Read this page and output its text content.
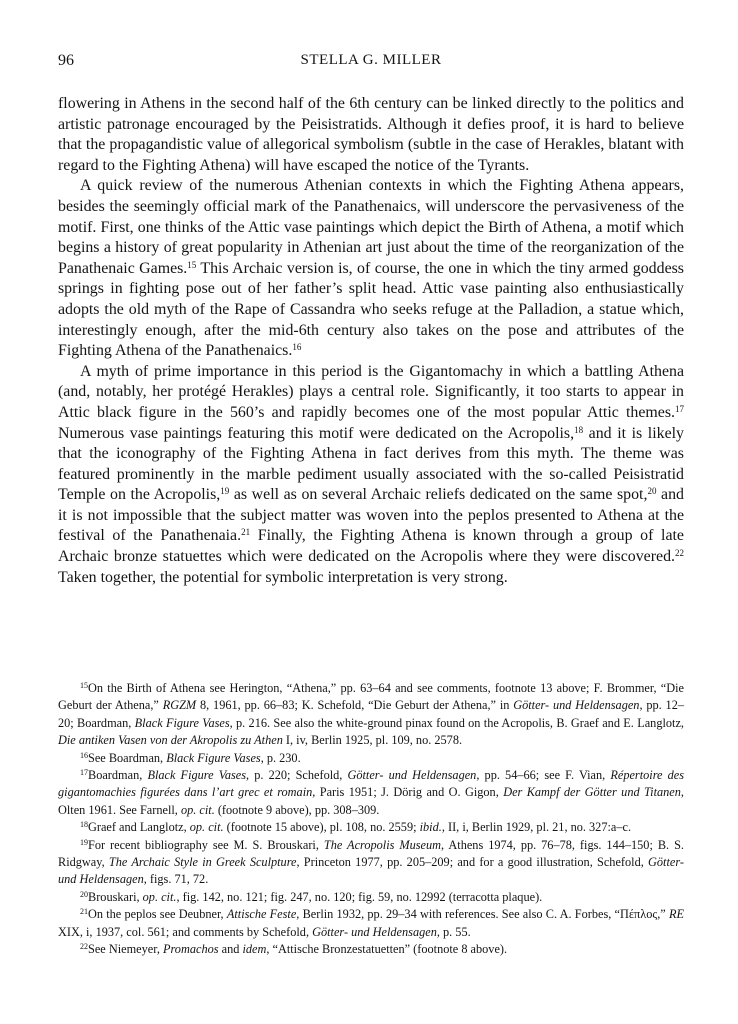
96	STELLA G. MILLER

flowering in Athens in the second half of the 6th century can be linked directly to the politics and artistic patronage encouraged by the Peisistratids. Although it defies proof, it is hard to believe that the propagandistic value of allegorical symbolism (subtle in the case of Herakles, blatant with regard to the Fighting Athena) will have escaped the notice of the Tyrants.

A quick review of the numerous Athenian contexts in which the Fighting Athena appears, besides the seemingly official mark of the Panathenaics, will underscore the pervasiveness of the motif. First, one thinks of the Attic vase paintings which depict the Birth of Athena, a motif which begins a history of great popularity in Athenian art just about the time of the reorganization of the Panathenaic Games.$^{15}$ This Archaic version is, of course, the one in which the tiny armed goddess springs in fighting pose out of her father’s split head. Attic vase painting also enthusiastically adopts the old myth of the Rape of Cassandra who seeks refuge at the Palladion, a statue which, interestingly enough, after the mid-6th century also takes on the pose and attributes of the Fighting Athena of the Panathenaics.$^{16}$

A myth of prime importance in this period is the Gigantomachy in which a battling Athena (and, notably, her protégé Herakles) plays a central role. Significantly, it too starts to appear in Attic black figure in the 560’s and rapidly becomes one of the most popular Attic themes.$^{17}$ Numerous vase paintings featuring this motif were dedicated on the Acropolis,$^{18}$ and it is likely that the iconography of the Fighting Athena in fact derives from this myth. The theme was featured prominently in the marble pediment usually associated with the so-called Peisistratid Temple on the Acropolis,$^{19}$ as well as on several Archaic reliefs dedicated on the same spot,$^{20}$ and it is not impossible that the subject matter was woven into the peplos presented to Athena at the festival of the Panathenaia.$^{21}$ Finally, the Fighting Athena is known through a group of late Archaic bronze statuettes which were dedicated on the Acropolis where they were discovered.$^{22}$ Taken together, the potential for symbolic interpretation is very strong.

$^{15}$On the Birth of Athena see Herington, “Athena,” pp. 63–64 and see comments, footnote 13 above; F. Brommer, “Die Geburt der Athena,” RGZM 8, 1961, pp. 66–83; K. Schefold, “Die Geburt der Athena,” in Götter- und Heldensagen, pp. 12–20; Boardman, Black Figure Vases, p. 216. See also the white-ground pinax found on the Acropolis, B. Graef and E. Langlotz, Die antiken Vasen von der Akropolis zu Athen I, iv, Berlin 1925, pl. 109, no. 2578.

$^{16}$See Boardman, Black Figure Vases, p. 230.

$^{17}$Boardman, Black Figure Vases, p. 220; Schefold, Götter- und Heldensagen, pp. 54–66; see F. Vian, Répertoire des gigantomachies figurées dans l’art grec et romain, Paris 1951; J. Dörig and O. Gigon, Der Kampf der Götter und Titanen, Olten 1961. See Farnell, op. cit. (footnote 9 above), pp. 308–309.

$^{18}$Graef and Langlotz, op. cit. (footnote 15 above), pl. 108, no. 2559; ibid., II, i, Berlin 1929, pl. 21, no. 327:a–c.

$^{19}$For recent bibliography see M. S. Brouskari, The Acropolis Museum, Athens 1974, pp. 76–78, figs. 144–150; B. S. Ridgway, The Archaic Style in Greek Sculpture, Princeton 1977, pp. 205–209; and for a good illustration, Schefold, Götter- und Heldensagen, figs. 71, 72.

$^{20}$Brouskari, op. cit., fig. 142, no. 121; fig. 247, no. 120; fig. 59, no. 12992 (terracotta plaque).

$^{21}$On the peplos see Deubner, Attische Feste, Berlin 1932, pp. 29–34 with references. See also C. A. Forbes, “Πέπλος,” RE XIX, i, 1937, col. 561; and comments by Schefold, Götter- und Heldensagen, p. 55.

$^{22}$See Niemeyer, Promachos and idem, “Attische Bronzestatuetten” (footnote 8 above).
